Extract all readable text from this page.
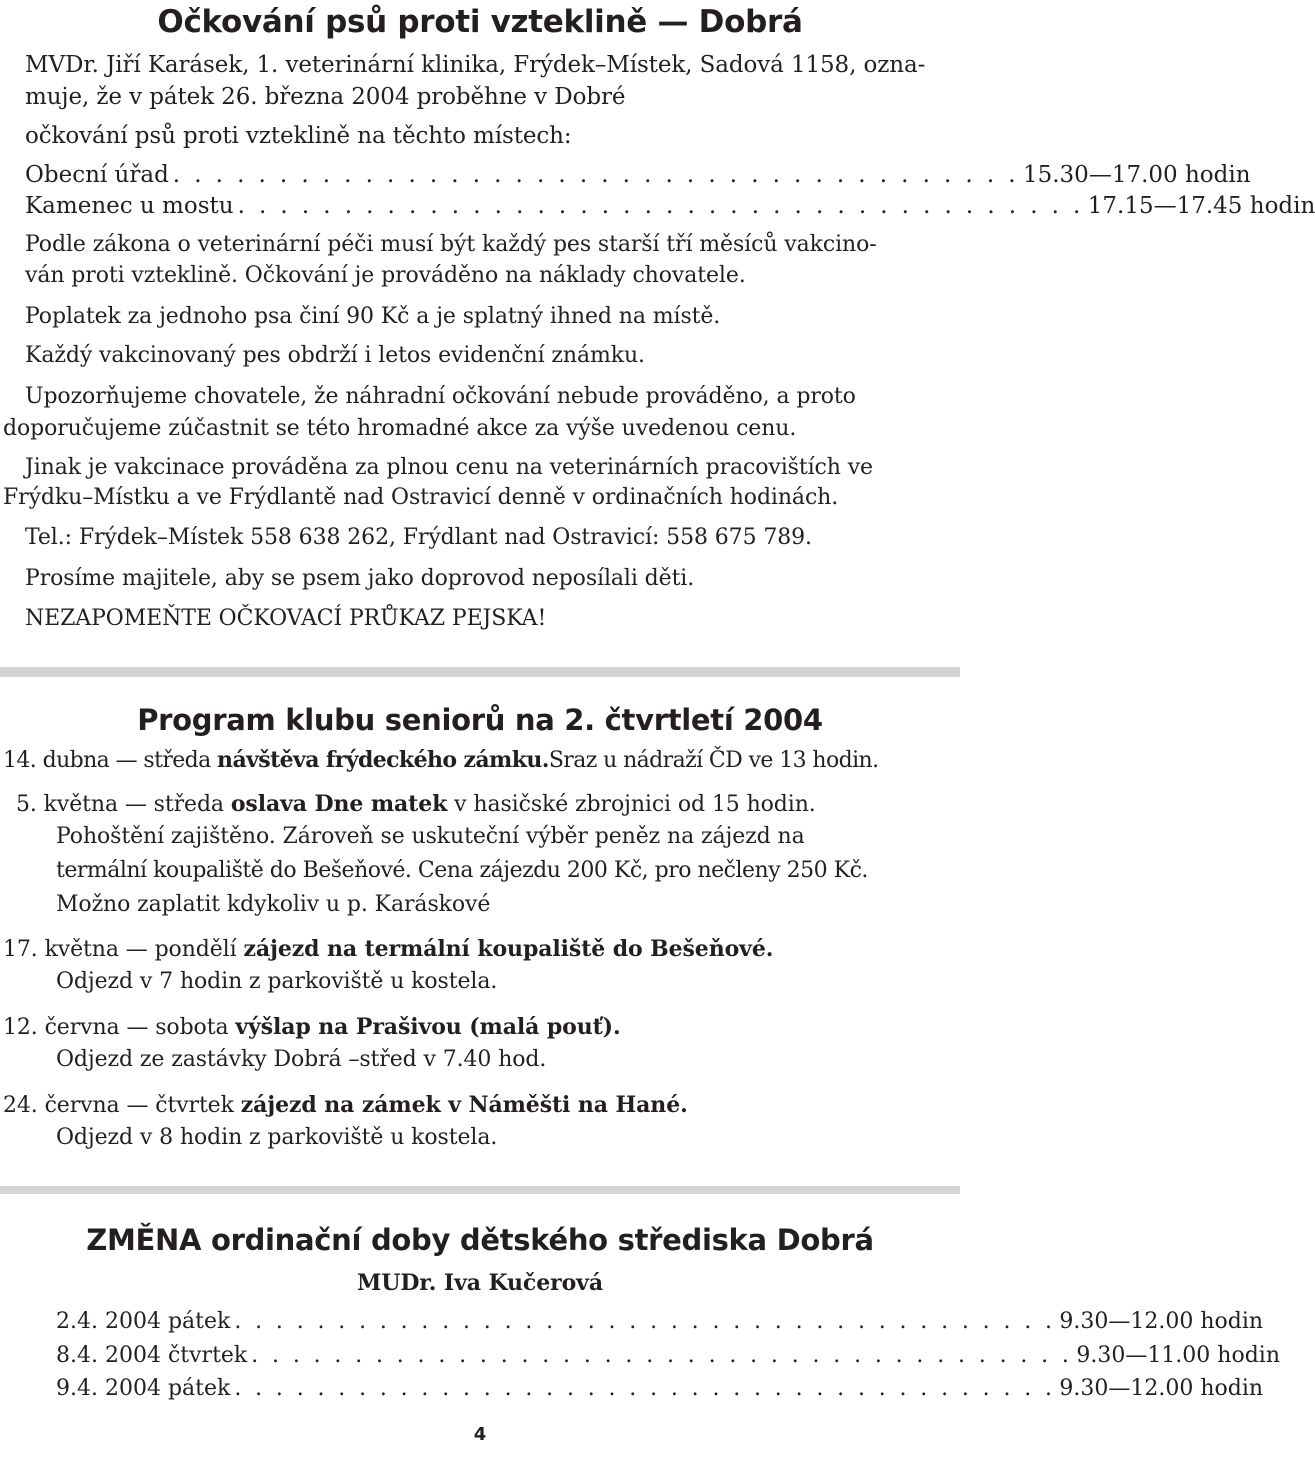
Očkování psů proti vzteklině — Dobrá
MVDr. Jiří Karásek, 1. veterinární klinika, Frýdek–Místek, Sadová 1158, ozna-
muje, že v pátek 26. března 2004 proběhne v Dobré
očkování psů proti vzteklině na těchto místech:
Obecní úřad . . . . . . . . . . . . . . . . . . . . . . . . . . . . . . . . . . . . . . . . 15.30—17.00 hodin
Kamenec u mostu . . . . . . . . . . . . . . . . . . . . . . . . . . . . . . . . . . . . . . . . 17.15—17.45 hodin
Podle zákona o veterinární péči musí být každý pes starší tří měsíců vakcino-
ván proti vzteklině. Očkování je prováděno na náklady chovatele.
Poplatek za jednoho psa činí 90 Kč a je splatný ihned na místě.
Každý vakcinovaný pes obdrží i letos evidenční známku.
Upozorňujeme chovatele, že náhradní očkování nebude prováděno, a proto
doporučujeme zúčastnit se této hromadné akce za výše uvedenou cenu.
Jinak je vakcinace prováděna za plnou cenu na veterinárních pracovištích ve
Frýdku–Místku a ve Frýdlantě nad Ostravicí denně v ordinačních hodinách.
Tel.: Frýdek–Místek 558 638 262, Frýdlant nad Ostravicí: 558 675 789.
Prosíme majitele, aby se psem jako doprovod neposílali děti.
NEZAPOMEŇTE OČKOVACÍ PRŮKAZ PEJSKA!
Program klubu seniorů na 2. čtvrtletí 2004
14. dubna — středa návštěva frýdeckého zámku.Sraz u nádraží ČD ve 13 hodin.
5. května — středa oslava Dne matek v hasičské zbrojnici od 15 hodin.
Pohoštění zajištěno. Zároveň se uskuteční výběr peněz na zájezd na
termální koupaliště do Bešeňové. Cena zájezdu 200 Kč, pro nečleny 250 Kč.
Možno zaplatit kdykoliv u p. Karáskové
17. května — pondělí zájezd na termální koupaliště do Bešeňové.
Odjezd v 7 hodin z parkoviště u kostela.
12. června — sobota výšlap na Prašivou (malá pouť).
Odjezd ze zastávky Dobrá –střed v 7.40 hod.
24. června — čtvrtek zájezd na zámek v Náměšti na Hané.
Odjezd v 8 hodin z parkoviště u kostela.
ZMĚNA ordinační doby dětského střediska Dobrá
MUDr. Iva Kučerová
2.4. 2004 pátek . . . . . . . . . . . . . . . . . . . . . . . . . . . . . . . . . . . . . . . . 9.30—12.00 hodin
8.4. 2004 čtvrtek . . . . . . . . . . . . . . . . . . . . . . . . . . . . . . . . . . . . . . . . 9.30—11.00 hodin
9.4. 2004 pátek . . . . . . . . . . . . . . . . . . . . . . . . . . . . . . . . . . . . . . . . 9.30—12.00 hodin
4
